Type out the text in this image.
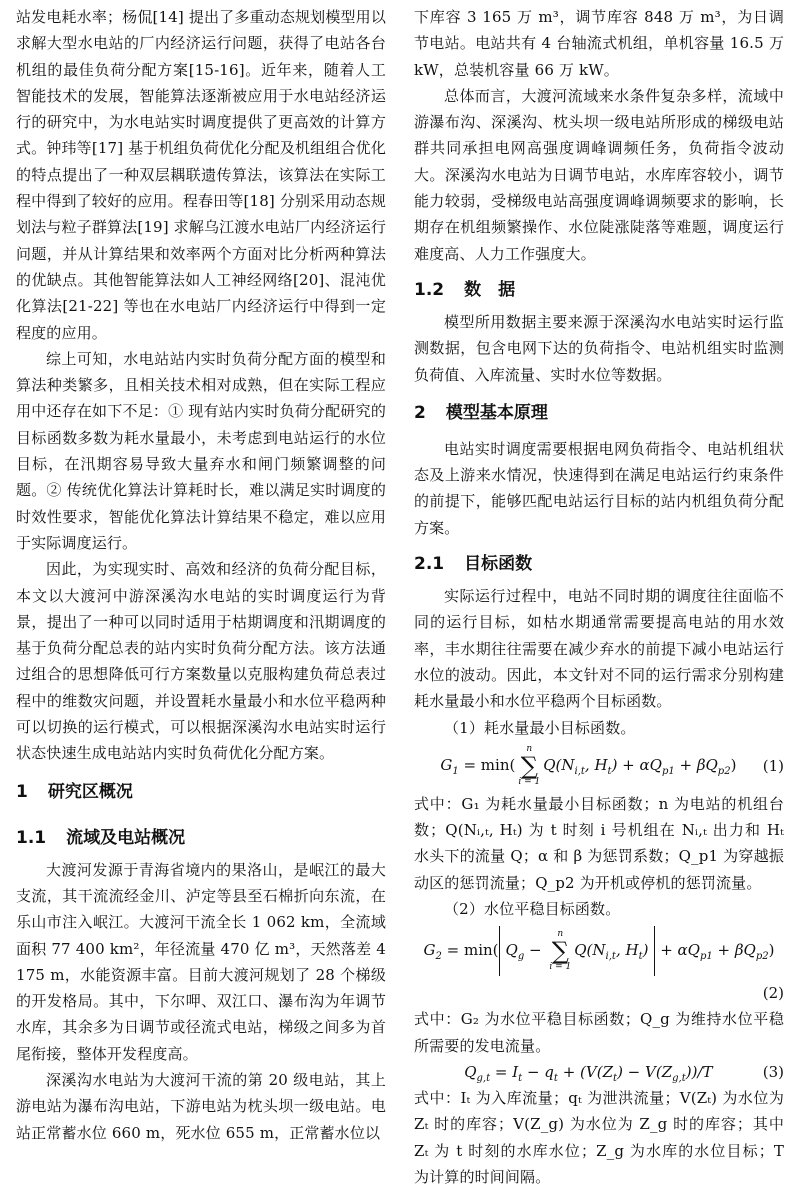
站发电耗水率；杨侃[14] 提出了多重动态规划模型用以求解大型水电站的厂内经济运行问题，获得了电站各台机组的最佳负荷分配方案[15-16]。近年来，随着人工智能技术的发展，智能算法逐渐被应用于水电站经济运行的研究中，为水电站实时调度提供了更高效的计算方式。钟玮等[17] 基于机组负荷优化分配及机组组合优化的特点提出了一种双层耦联遗传算法，该算法在实际工程中得到了较好的应用。程春田等[18] 分别采用动态规划法与粒子群算法[19] 求解乌江渡水电站厂内经济运行问题，并从计算结果和效率两个方面对比分析两种算法的优缺点。其他智能算法如人工神经网络[20]、混沌优化算法[21-22] 等也在水电站厂内经济运行中得到一定程度的应用。

综上可知，水电站站内实时负荷分配方面的模型和算法种类繁多，且相关技术相对成熟，但在实际工程应用中还存在如下不足：① 现有站内实时负荷分配研究的目标函数多数为耗水量最小，未考虑到电站运行的水位目标，在汛期容易导致大量弃水和闸门频繁调整的问题。② 传统优化算法计算耗时长，难以满足实时调度的时效性要求，智能优化算法计算结果不稳定，难以应用于实际调度运行。

因此，为实现实时、高效和经济的负荷分配目标，本文以大渡河中游深溪沟水电站的实时调度运行为背景，提出了一种可以同时适用于枯期调度和汛期调度的基于负荷分配总表的站内实时负荷分配方法。该方法通过组合的思想降低可行方案数量以克服构建负荷总表过程中的维数灾问题，并设置耗水量最小和水位平稳两种可以切换的运行模式，可以根据深溪沟水电站实时运行状态快速生成电站站内实时负荷优化分配方案。

1 研究区概况
1.1 流域及电站概况

大渡河发源于青海省境内的果洛山，是岷江的最大支流，其干流流经金川、泸定等县至石棉折向东流，在乐山市注入岷江。大渡河干流全长 1 062 km，全流域面积 77 400 km²，年径流量 470 亿 m³，天然落差 4 175 m，水能资源丰富。目前大渡河规划了 28 个梯级的开发格局。其中，下尔呷、双江口、瀑布沟为年调节水库，其余多为日调节或径流式电站，梯级之间多为首尾衔接，整体开发程度高。

深溪沟水电站为大渡河干流的第 20 级电站，其上游电站为瀑布沟电站，下游电站为枕头坝一级电站。电站正常蓄水位 660 m，死水位 655 m，正常蓄水位以

下库容 3 165 万 m³，调节库容 848 万 m³，为日调节电站。电站共有 4 台轴流式机组，单机容量 16.5 万 kW，总装机容量 66 万 kW。

总体而言，大渡河流域来水条件复杂多样，流域中游瀑布沟、深溪沟、枕头坝一级电站所形成的梯级电站群共同承担电网高强度调峰调频任务，负荷指令波动大。深溪沟水电站为日调节电站，水库库容较小，调节能力较弱，受梯级电站高强度调峰调频要求的影响，长期存在机组频繁操作、水位陡涨陡落等难题，调度运行难度高、人力工作强度大。

1.2 数　据

模型所用数据主要来源于深溪沟水电站实时运行监测数据，包含电网下达的负荷指令、电站机组实时监测负荷值、入库流量、实时水位等数据。

2 模型基本原理

电站实时调度需要根据电网负荷指令、电站机组状态及上游来水情况，快速得到在满足电站运行约束条件的前提下，能够匹配电站运行目标的站内机组负荷分配方案。

2.1 目标函数

实际运行过程中，电站不同时期的调度往往面临不同的运行目标，如枯水期通常需要提高电站的用水效率，丰水期往往需要在减少弃水的前提下减小电站运行水位的波动。因此，本文针对不同的运行需求分别构建耗水量最小和水位平稳两个目标函数。

（1）耗水量最小目标函数。

$G_1 = \min$(
n
∑
i = 1
$Q(N_{i,t}$, $H_t) + \alpha Q_{p1} + \beta Q_{p2}$)	(1)

式中：G₁ 为耗水量最小目标函数；n 为电站的机组台数；Q(Nᵢ,ₜ, Hₜ) 为 t 时刻 i 号机组在 Nᵢ,ₜ 出力和 Hₜ 水头下的流量 Q；α 和 β 为惩罚系数；Q_p1 为穿越振动区的惩罚流量；Q_p2 为开机或停机的惩罚流量。

（2）水位平稳目标函数。

$G_2 = \min$( $Q_g$ −
n
∑
i = 1
$Q(N_{i,t}$, $H_t) + \alpha Q_{p1} + \beta Q_{p2}$)
(2)

式中：G₂ 为水位平稳目标函数；Q_g 为维持水位平稳所需要的发电流量。

$Q_{g,t} = I_t - q_t + (V(Z_t) - V(Z_{g,t}))/T$	(3)

式中：Iₜ 为入库流量；qₜ 为泄洪流量；V(Zₜ) 为水位为 Zₜ 时的库容；V(Z_g) 为水位为 Z_g 时的库容；其中 Zₜ 为 t 时刻的水库水位；Z_g 为水库的水位目标；T 为计算的时间间隔。
